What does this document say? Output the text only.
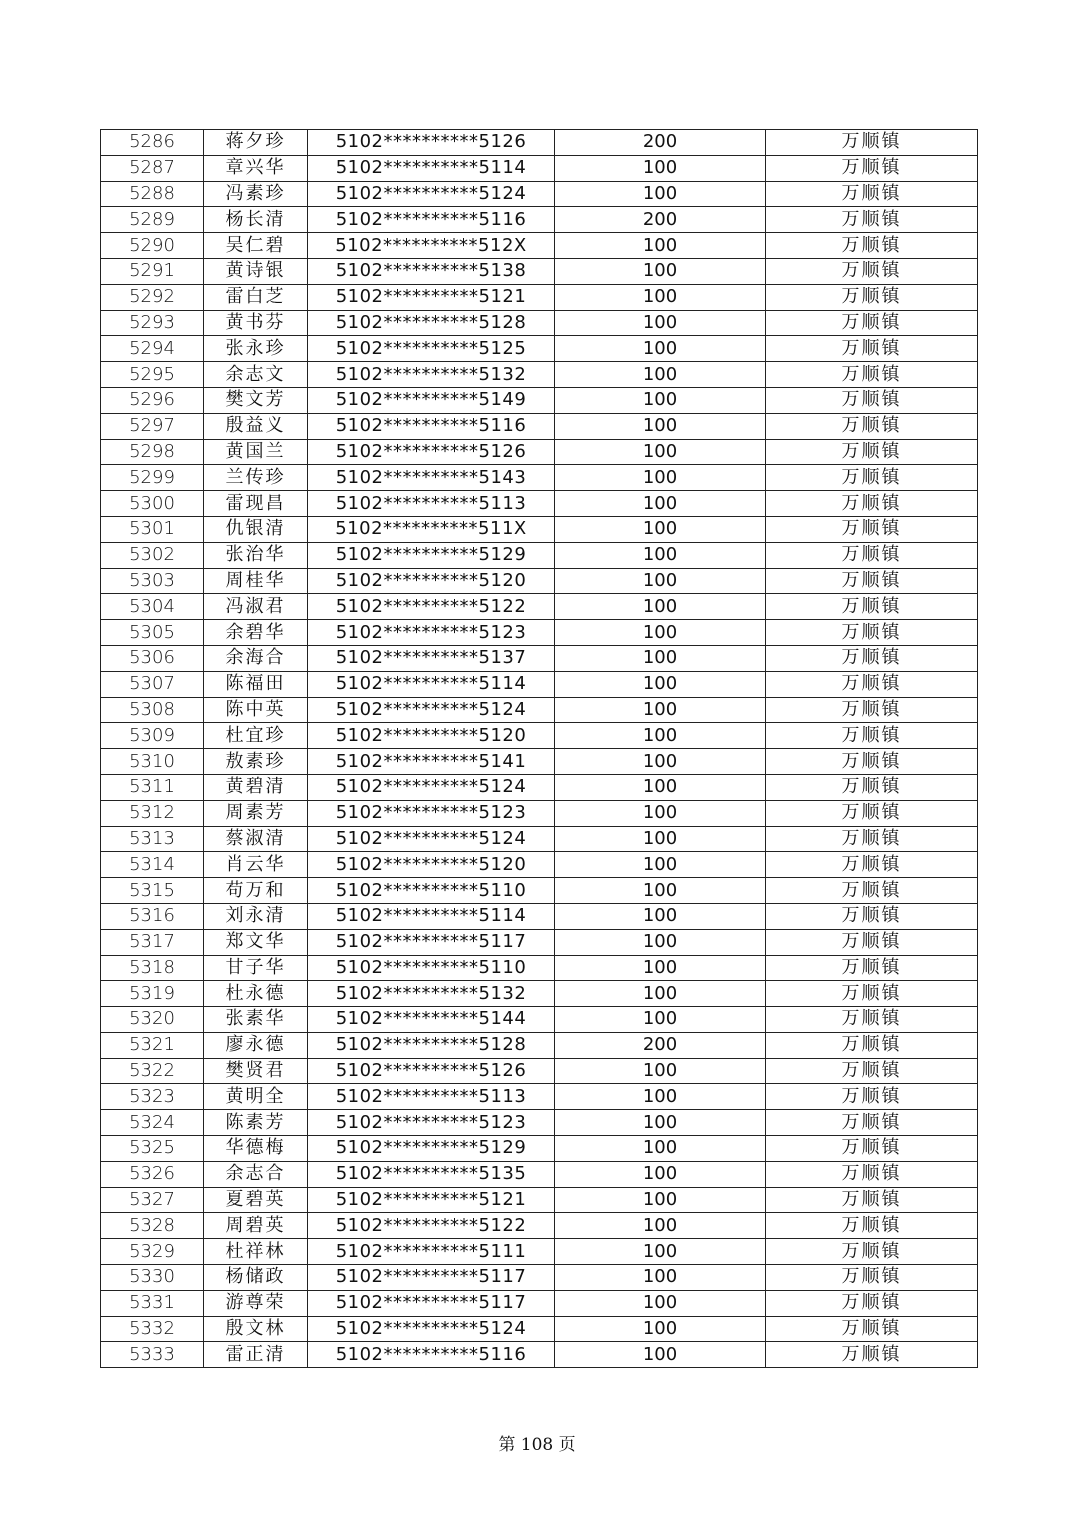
5286	蒋夕珍	5102**********5126	200	万顺镇
5287	章兴华	5102**********5114	100	万顺镇
5288	冯素珍	5102**********5124	100	万顺镇
5289	杨长清	5102**********5116	200	万顺镇
5290	吴仁碧	5102**********512X	100	万顺镇
5291	黄诗银	5102**********5138	100	万顺镇
5292	雷白芝	5102**********5121	100	万顺镇
5293	黄书芬	5102**********5128	100	万顺镇
5294	张永珍	5102**********5125	100	万顺镇
5295	余志文	5102**********5132	100	万顺镇
5296	樊文芳	5102**********5149	100	万顺镇
5297	殷益义	5102**********5116	100	万顺镇
5298	黄国兰	5102**********5126	100	万顺镇
5299	兰传珍	5102**********5143	100	万顺镇
5300	雷现昌	5102**********5113	100	万顺镇
5301	仇银清	5102**********511X	100	万顺镇
5302	张治华	5102**********5129	100	万顺镇
5303	周桂华	5102**********5120	100	万顺镇
5304	冯淑君	5102**********5122	100	万顺镇
5305	余碧华	5102**********5123	100	万顺镇
5306	余海合	5102**********5137	100	万顺镇
5307	陈福田	5102**********5114	100	万顺镇
5308	陈中英	5102**********5124	100	万顺镇
5309	杜宜珍	5102**********5120	100	万顺镇
5310	敖素珍	5102**********5141	100	万顺镇
5311	黄碧清	5102**********5124	100	万顺镇
5312	周素芳	5102**********5123	100	万顺镇
5313	蔡淑清	5102**********5124	100	万顺镇
5314	肖云华	5102**********5120	100	万顺镇
5315	苟万和	5102**********5110	100	万顺镇
5316	刘永清	5102**********5114	100	万顺镇
5317	郑文华	5102**********5117	100	万顺镇
5318	甘子华	5102**********5110	100	万顺镇
5319	杜永德	5102**********5132	100	万顺镇
5320	张素华	5102**********5144	100	万顺镇
5321	廖永德	5102**********5128	200	万顺镇
5322	樊贤君	5102**********5126	100	万顺镇
5323	黄明全	5102**********5113	100	万顺镇
5324	陈素芳	5102**********5123	100	万顺镇
5325	华德梅	5102**********5129	100	万顺镇
5326	余志合	5102**********5135	100	万顺镇
5327	夏碧英	5102**********5121	100	万顺镇
5328	周碧英	5102**********5122	100	万顺镇
5329	杜祥林	5102**********5111	100	万顺镇
5330	杨储政	5102**********5117	100	万顺镇
5331	游尊荣	5102**********5117	100	万顺镇
5332	殷文林	5102**********5124	100	万顺镇
5333	雷正清	5102**********5116	100	万顺镇
第 108 页
